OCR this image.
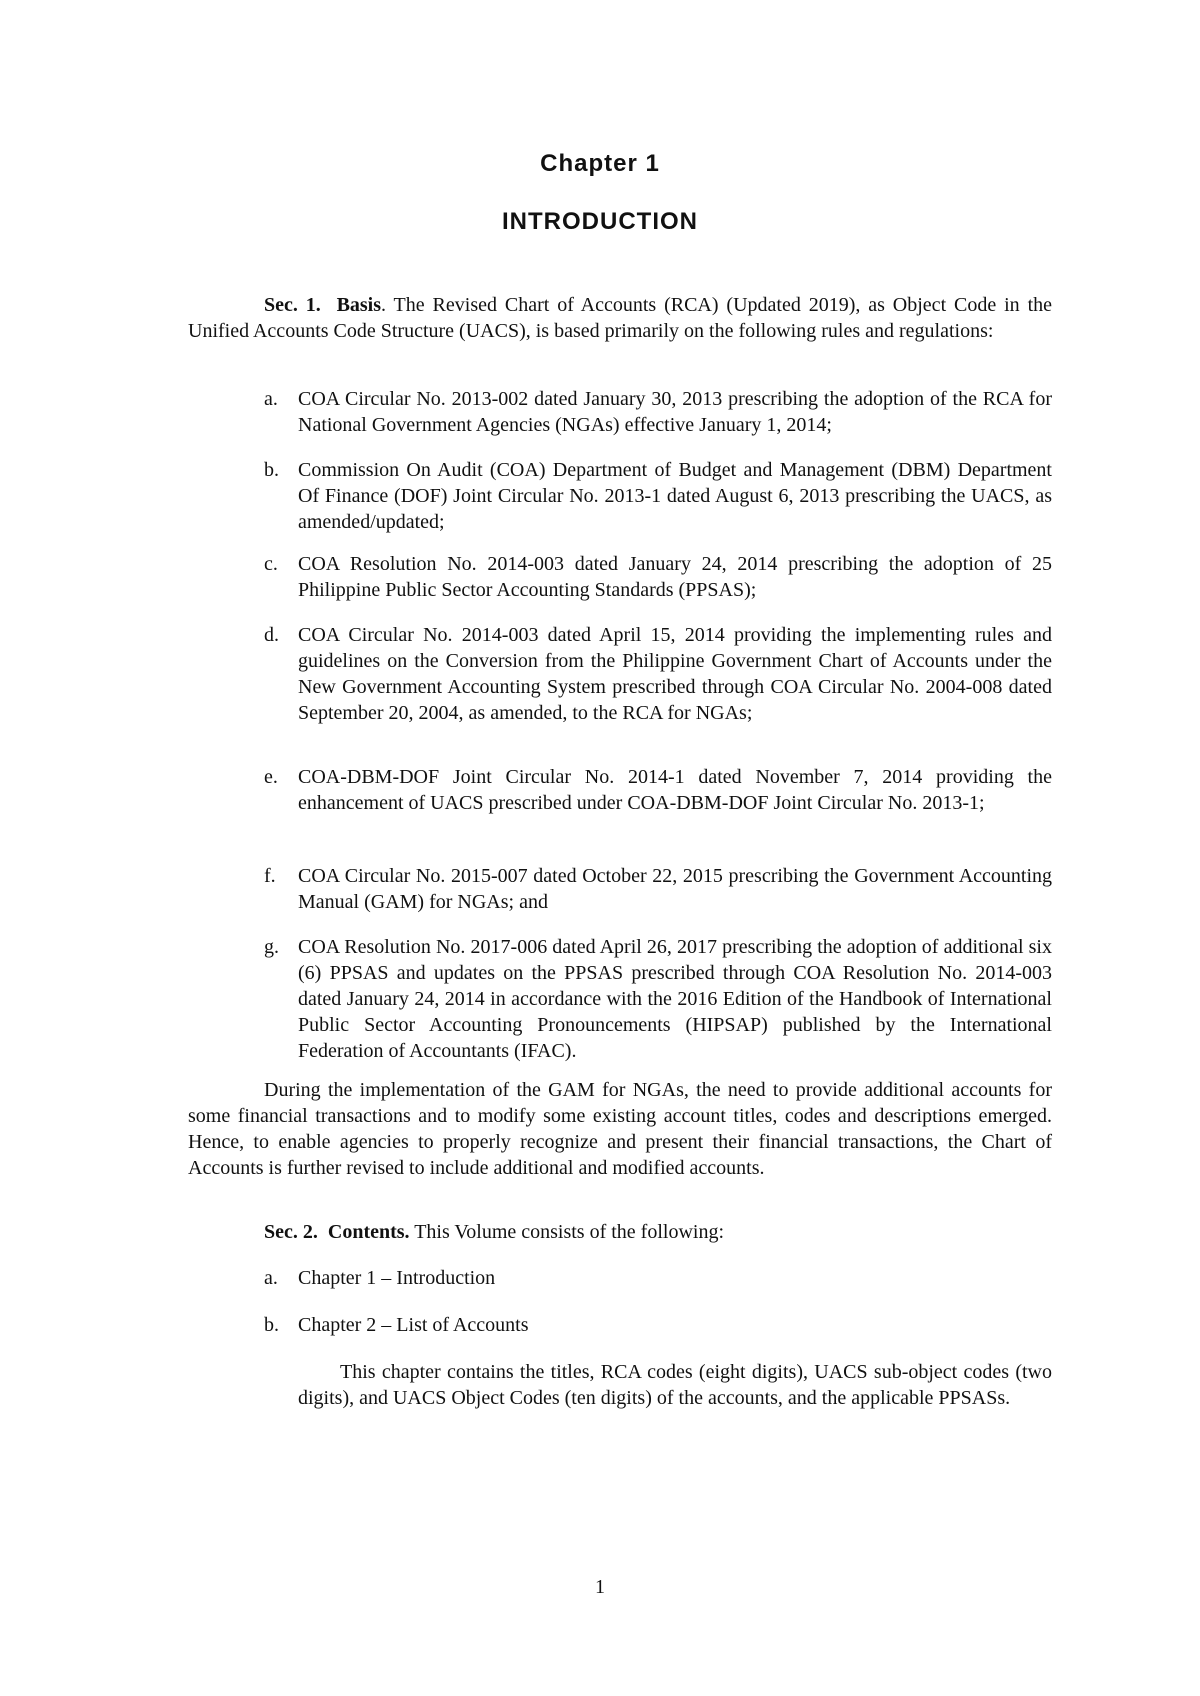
Chapter 1
INTRODUCTION

Sec. 1. Basis. The Revised Chart of Accounts (RCA) (Updated 2019), as Object Code in the Unified Accounts Code Structure (UACS), is based primarily on the following rules and regulations:

a.	COA Circular No. 2013-002 dated January 30, 2013 prescribing the adoption of the RCA for National Government Agencies (NGAs) effective January 1, 2014;
b. Commission On Audit (COA) Department of Budget and Management (DBM) Department Of Finance (DOF) Joint Circular No. 2013-1 dated August 6, 2013 prescribing the UACS, as amended/updated;
c.	COA Resolution No. 2014-003 dated January 24, 2014 prescribing the adoption of 25 Philippine Public Sector Accounting Standards (PPSAS);
d. COA Circular No. 2014-003 dated April 15, 2014 providing the implementing rules and guidelines on the Conversion from the Philippine Government Chart of Accounts under the New Government Accounting System prescribed through COA Circular No. 2004-008 dated September 20, 2004, as amended, to the RCA for NGAs;
e.	COA-DBM-DOF Joint Circular No. 2014-1 dated November 7, 2014 providing the enhancement of UACS prescribed under COA-DBM-DOF Joint Circular No. 2013-1;
f.	COA Circular No. 2015-007 dated October 22, 2015 prescribing the Government Accounting Manual (GAM) for NGAs; and
g. COA Resolution No. 2017-006 dated April 26, 2017 prescribing the adoption of additional six (6) PPSAS and updates on the PPSAS prescribed through COA Resolution No. 2014-003 dated January 24, 2014 in accordance with the 2016 Edition of the Handbook of International Public Sector Accounting Pronouncements (HIPSAP) published by the International Federation of Accountants (IFAC).

During the implementation of the GAM for NGAs, the need to provide additional accounts for some financial transactions and to modify some existing account titles, codes and descriptions emerged. Hence, to enable agencies to properly recognize and present their financial transactions, the Chart of Accounts is further revised to include additional and modified accounts.

Sec. 2. Contents. This Volume consists of the following:

a.	Chapter 1 – Introduction
b. Chapter 2 – List of Accounts

This chapter contains the titles, RCA codes (eight digits), UACS sub-object codes (two digits), and UACS Object Codes (ten digits) of the accounts, and the applicable PPSASs.

1
